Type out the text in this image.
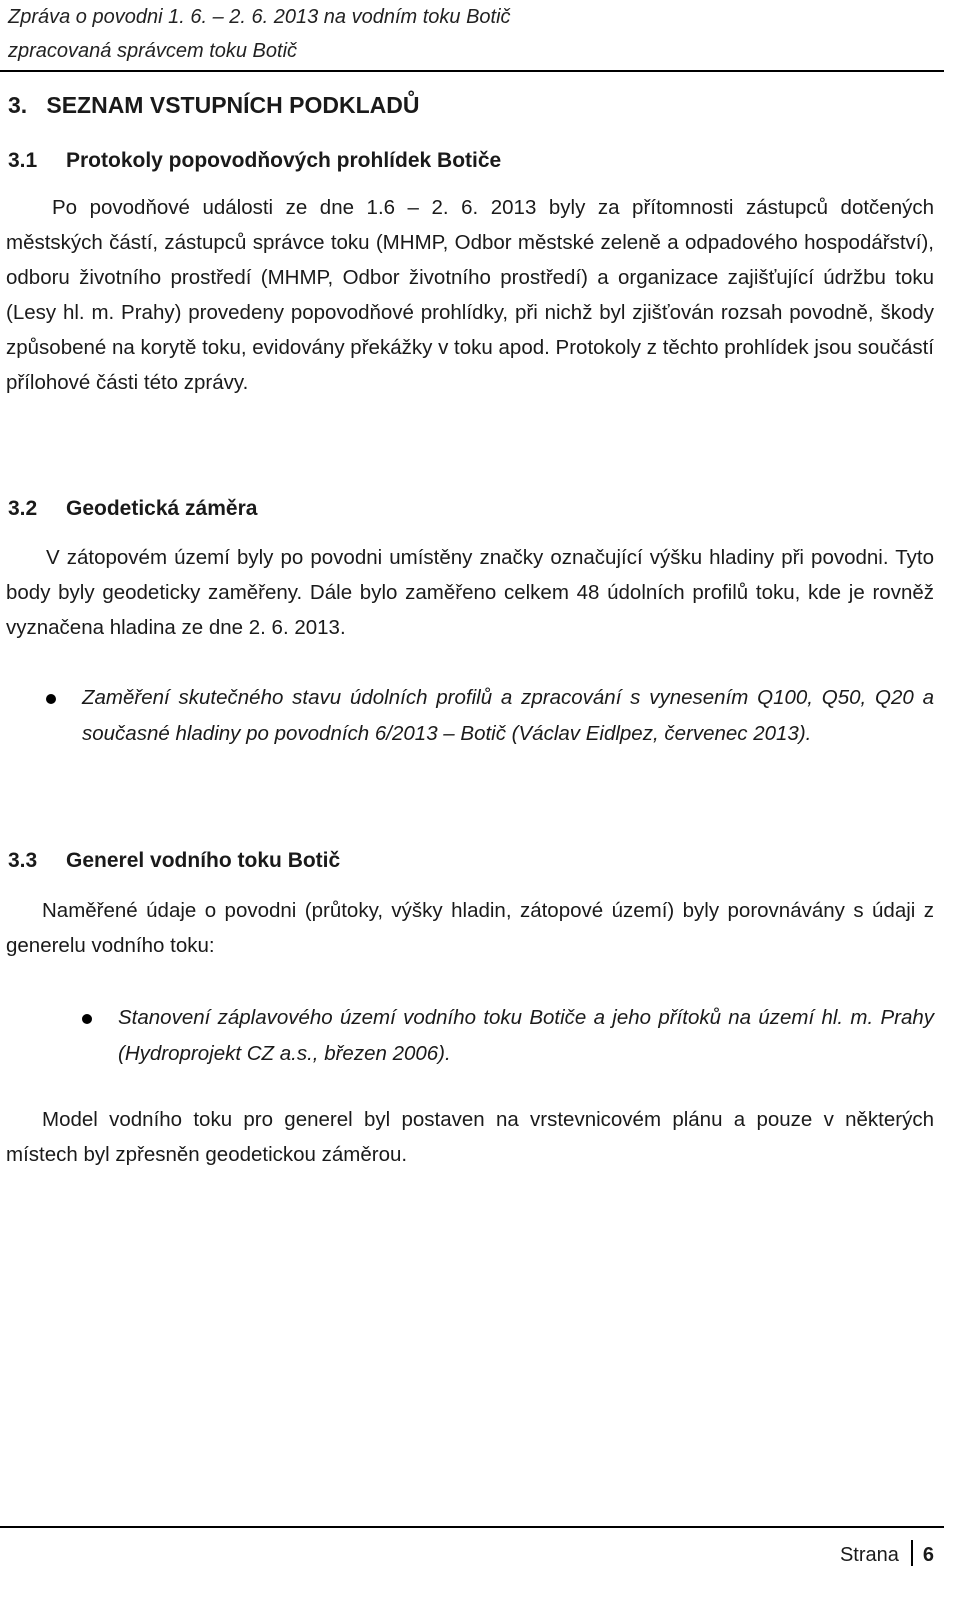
Zpráva o povodni 1. 6. – 2. 6. 2013 na vodním toku Botič
zpracovaná správcem toku Botič
3.   SEZNAM VSTUPNÍCH PODKLADŮ
3.1 Protokoly popovodňových prohlídek Botiče

Po povodňové události ze dne 1.6 – 2. 6. 2013 byly za přítomnosti zástupců dotčených městských částí, zástupců správce toku (MHMP, Odbor městské zeleně a odpadového hospodářství), odboru životního prostředí (MHMP, Odbor životního prostředí) a organizace zajišťující údržbu toku (Lesy hl. m. Prahy) provedeny popovodňové prohlídky, při nichž byl zjišťován rozsah povodně, škody způsobené na korytě toku, evidovány překážky v toku apod. Protokoly z těchto prohlídek jsou součástí přílohové části této zprávy.

3.2 Geodetická záměra

V zátopovém území byly po povodni umístěny značky označující výšku hladiny při povodni. Tyto body byly geodeticky zaměřeny. Dále bylo zaměřeno celkem 48 údolních profilů toku, kde je rovněž vyznačena hladina ze dne 2. 6. 2013.

Zaměření skutečného stavu údolních profilů a zpracování s vynesením Q100, Q50, Q20 a současné hladiny po povodních 6/2013 – Botič (Václav Eidlpez, červenec 2013).

3.3 Generel vodního toku Botič

Naměřené údaje o povodni (průtoky, výšky hladin, zátopové území) byly porovnávány s údaji z generelu vodního toku:

Stanovení záplavového území vodního toku Botiče a jeho přítoků na území hl. m. Prahy  (Hydroprojekt CZ a.s., březen 2006).

Model vodního toku pro generel byl postaven na vrstevnicovém plánu a pouze v některých místech byl zpřesněn geodetickou záměrou.

Strana 6
